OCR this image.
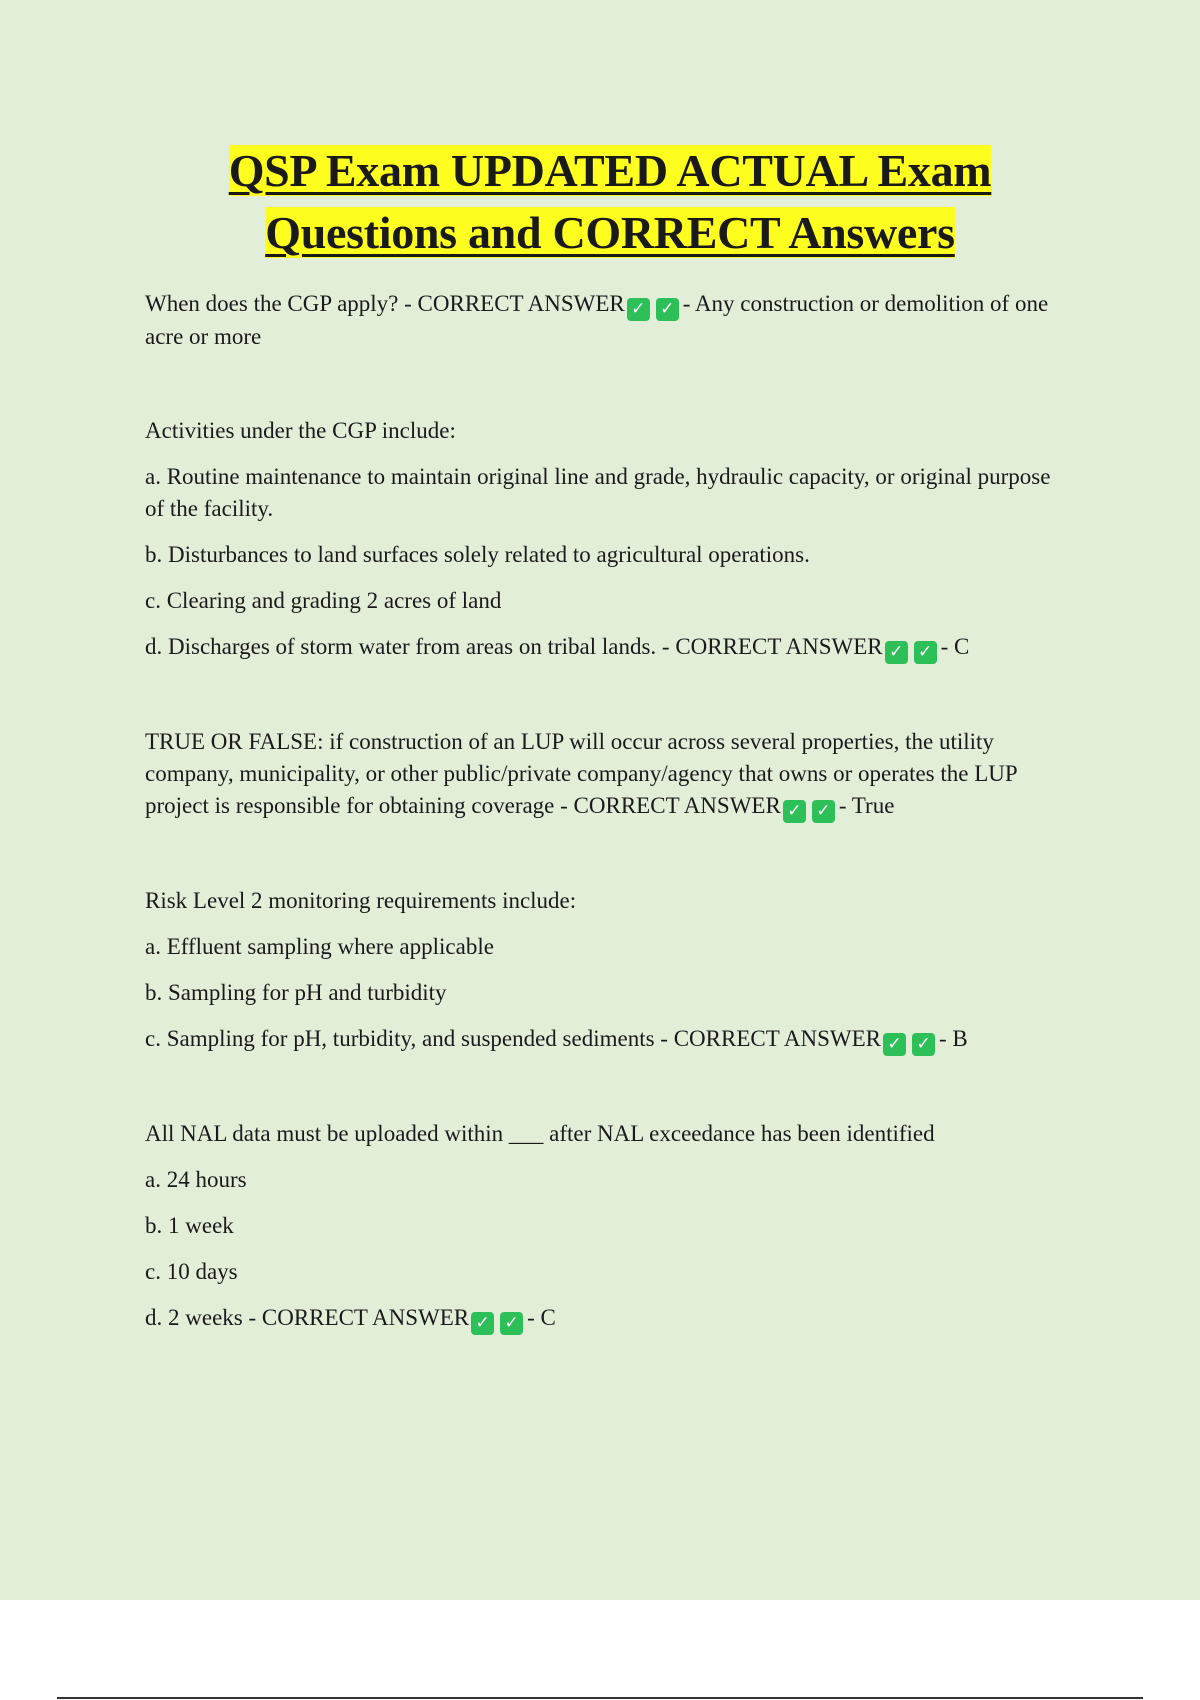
QSP Exam UPDATED ACTUAL Exam
Questions and CORRECT Answers

When does the CGP apply? - CORRECT ANSWER ✓ ✓ - Any construction or demolition of one acre or more

Activities under the CGP include:

a. Routine maintenance to maintain original line and grade, hydraulic capacity, or original purpose of the facility.

b. Disturbances to land surfaces solely related to agricultural operations.

c. Clearing and grading 2 acres of land

d. Discharges of storm water from areas on tribal lands. - CORRECT ANSWER ✓ ✓ - C

TRUE OR FALSE: if construction of an LUP will occur across several properties, the utility company, municipality, or other public/private company/agency that owns or operates the LUP project is responsible for obtaining coverage - CORRECT ANSWER ✓ ✓ - True

Risk Level 2 monitoring requirements include:

a. Effluent sampling where applicable

b. Sampling for pH and turbidity

c. Sampling for pH, turbidity, and suspended sediments - CORRECT ANSWER ✓ ✓ - B

All NAL data must be uploaded within ___ after NAL exceedance has been identified

a. 24 hours

b. 1 week

c. 10 days

d. 2 weeks - CORRECT ANSWER ✓ ✓ - C
